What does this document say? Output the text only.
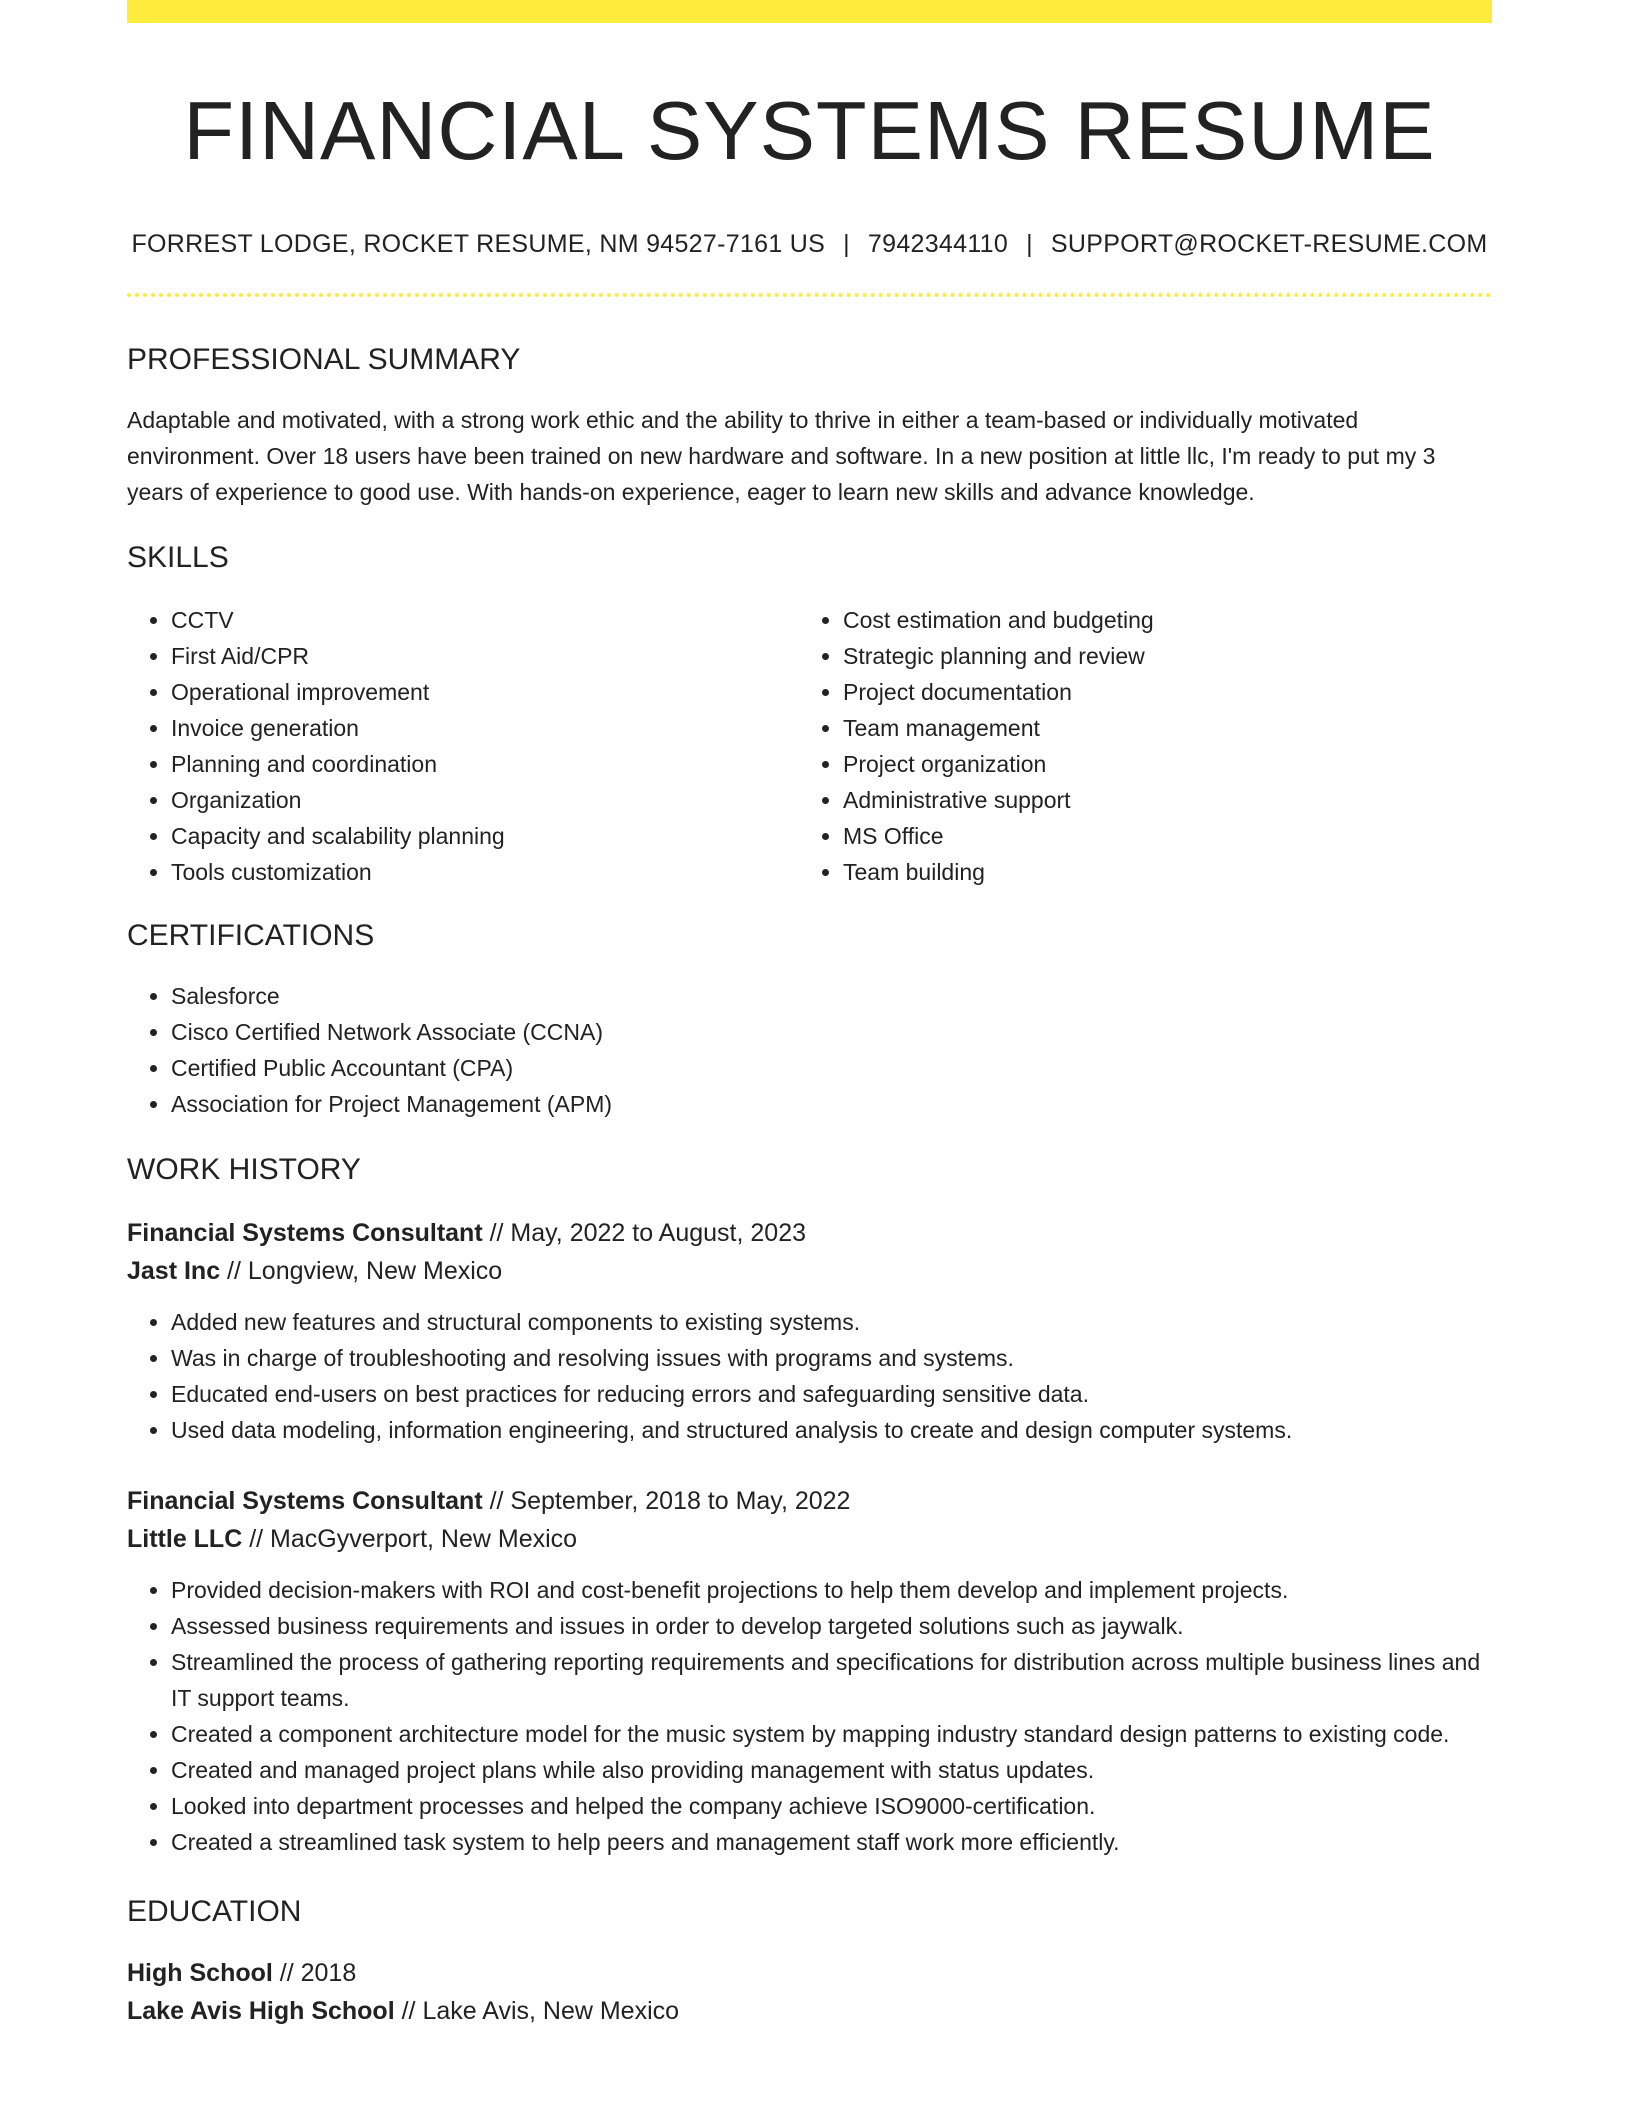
FINANCIAL SYSTEMS RESUME
FORREST LODGE, ROCKET RESUME, NM 94527-7161 US | 7942344110 | SUPPORT@ROCKET-RESUME.COM
PROFESSIONAL SUMMARY
Adaptable and motivated, with a strong work ethic and the ability to thrive in either a team-based or individually motivated environment. Over 18 users have been trained on new hardware and software. In a new position at little llc, I'm ready to put my 3 years of experience to good use. With hands-on experience, eager to learn new skills and advance knowledge.
SKILLS
• CCTV
• First Aid/CPR
• Operational improvement
• Invoice generation
• Planning and coordination
• Organization
• Capacity and scalability planning
• Tools customization
• Cost estimation and budgeting
• Strategic planning and review
• Project documentation
• Team management
• Project organization
• Administrative support
• MS Office
• Team building
CERTIFICATIONS
• Salesforce
• Cisco Certified Network Associate (CCNA)
• Certified Public Accountant (CPA)
• Association for Project Management (APM)
WORK HISTORY
Financial Systems Consultant // May, 2022 to August, 2023
Jast Inc // Longview, New Mexico
• Added new features and structural components to existing systems.
• Was in charge of troubleshooting and resolving issues with programs and systems.
• Educated end-users on best practices for reducing errors and safeguarding sensitive data.
• Used data modeling, information engineering, and structured analysis to create and design computer systems.
Financial Systems Consultant // September, 2018 to May, 2022
Little LLC // MacGyverport, New Mexico
• Provided decision-makers with ROI and cost-benefit projections to help them develop and implement projects.
• Assessed business requirements and issues in order to develop targeted solutions such as jaywalk.
• Streamlined the process of gathering reporting requirements and specifications for distribution across multiple business lines and IT support teams.
• Created a component architecture model for the music system by mapping industry standard design patterns to existing code.
• Created and managed project plans while also providing management with status updates.
• Looked into department processes and helped the company achieve ISO9000-certification.
• Created a streamlined task system to help peers and management staff work more efficiently.
EDUCATION
High School // 2018
Lake Avis High School // Lake Avis, New Mexico
